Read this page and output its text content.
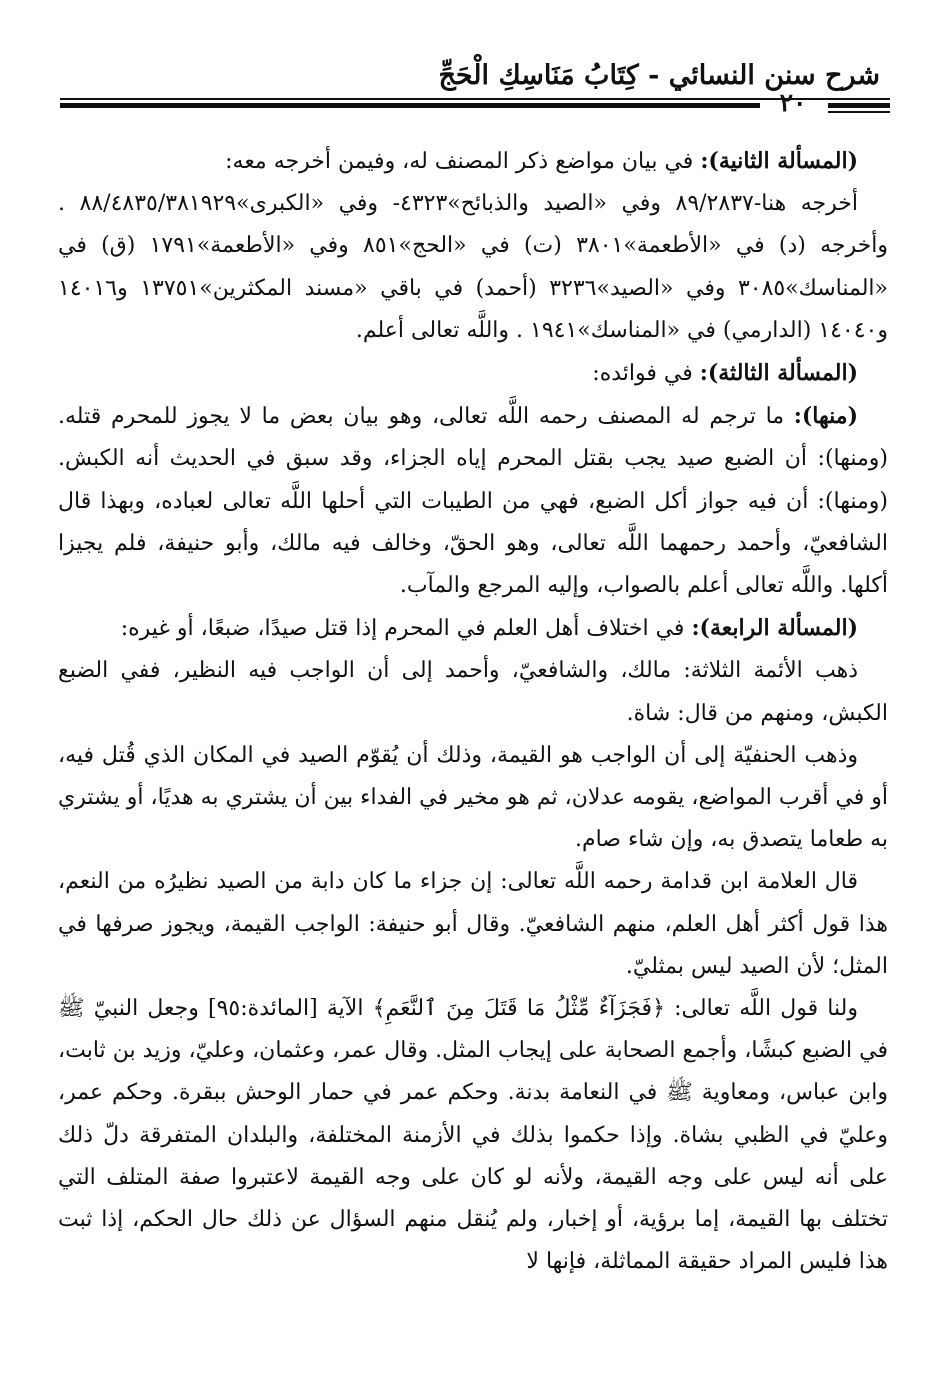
شرح سنن النسائي - كِتَابُ مَنَاسِكِ الْحَجِّ
٢٠

(المسألة الثانية): في بيان مواضع ذكر المصنف له، وفيمن أخرجه معه:

أخرجه هنا-٨٩/٢٨٣٧ وفي «الصيد والذبائح»٤٣٢٣- وفي «الكبرى»٨٨/٤٨٣٥/٣٨١٩٢٩ . وأخرجه (د) في «الأطعمة»٣٨٠١ (ت) في «الحج»٨٥١ وفي «الأطعمة»١٧٩١ (ق) في «المناسك»٣٠٨٥ وفي «الصيد»٣٢٣٦ (أحمد) في باقي «مسند المكثرين»١٣٧٥١ و١٤٠١٦ و١٤٠٤٠ (الدارمي) في «المناسك»١٩٤١ . واللَّه تعالى أعلم.

(المسألة الثالثة): في فوائده:

(منها): ما ترجم له المصنف رحمه اللَّه تعالى، وهو بيان بعض ما لا يجوز للمحرم قتله. (ومنها): أن الضبع صيد يجب بقتل المحرم إياه الجزاء، وقد سبق في الحديث أنه الكبش. (ومنها): أن فيه جواز أكل الضبع، فهي من الطيبات التي أحلها اللَّه تعالى لعباده، وبهذا قال الشافعيّ، وأحمد رحمهما اللَّه تعالى، وهو الحقّ، وخالف فيه مالك، وأبو حنيفة، فلم يجيزا أكلها. واللَّه تعالى أعلم بالصواب، وإليه المرجع والمآب.

(المسألة الرابعة): في اختلاف أهل العلم في المحرم إذا قتل صيدًا، ضبعًا، أو غيره:

ذهب الأئمة الثلاثة: مالك، والشافعيّ، وأحمد إلى أن الواجب فيه النظير، ففي الضبع الكبش، ومنهم من قال: شاة.

وذهب الحنفيّة إلى أن الواجب هو القيمة، وذلك أن يُقوّم الصيد في المكان الذي قُتل فيه، أو في أقرب المواضع، يقومه عدلان، ثم هو مخير في الفداء بين أن يشتري به هديًا، أو يشتري به طعاما يتصدق به، وإن شاء صام.

قال العلامة ابن قدامة رحمه اللَّه تعالى: إن جزاء ما كان دابة من الصيد نظيرُه من النعم، هذا قول أكثر أهل العلم، منهم الشافعيّ. وقال أبو حنيفة: الواجب القيمة، ويجوز صرفها في المثل؛ لأن الصيد ليس بمثليّ.

ولنا قول اللَّه تعالى: ﴿فَجَزَآءٌ مِّثْلُ مَا قَتَلَ مِنَ ٱلنَّعَمِ﴾ الآية [المائدة:٩٥] وجعل النبيّ ﷺ في الضبع كبشًا، وأجمع الصحابة على إيجاب المثل. وقال عمر، وعثمان، وعليّ، وزيد بن ثابت، وابن عباس، ومعاوية ﷺ في النعامة بدنة. وحكم عمر في حمار الوحش ببقرة. وحكم عمر، وعليّ في الظبي بشاة. وإذا حكموا بذلك في الأزمنة المختلفة، والبلدان المتفرقة دلّ ذلك على أنه ليس على وجه القيمة، ولأنه لو كان على وجه القيمة لاعتبروا صفة المتلف التي تختلف بها القيمة، إما برؤية، أو إخبار، ولم يُنقل منهم السؤال عن ذلك حال الحكم، إذا ثبت هذا فليس المراد حقيقة المماثلة، فإنها لا
